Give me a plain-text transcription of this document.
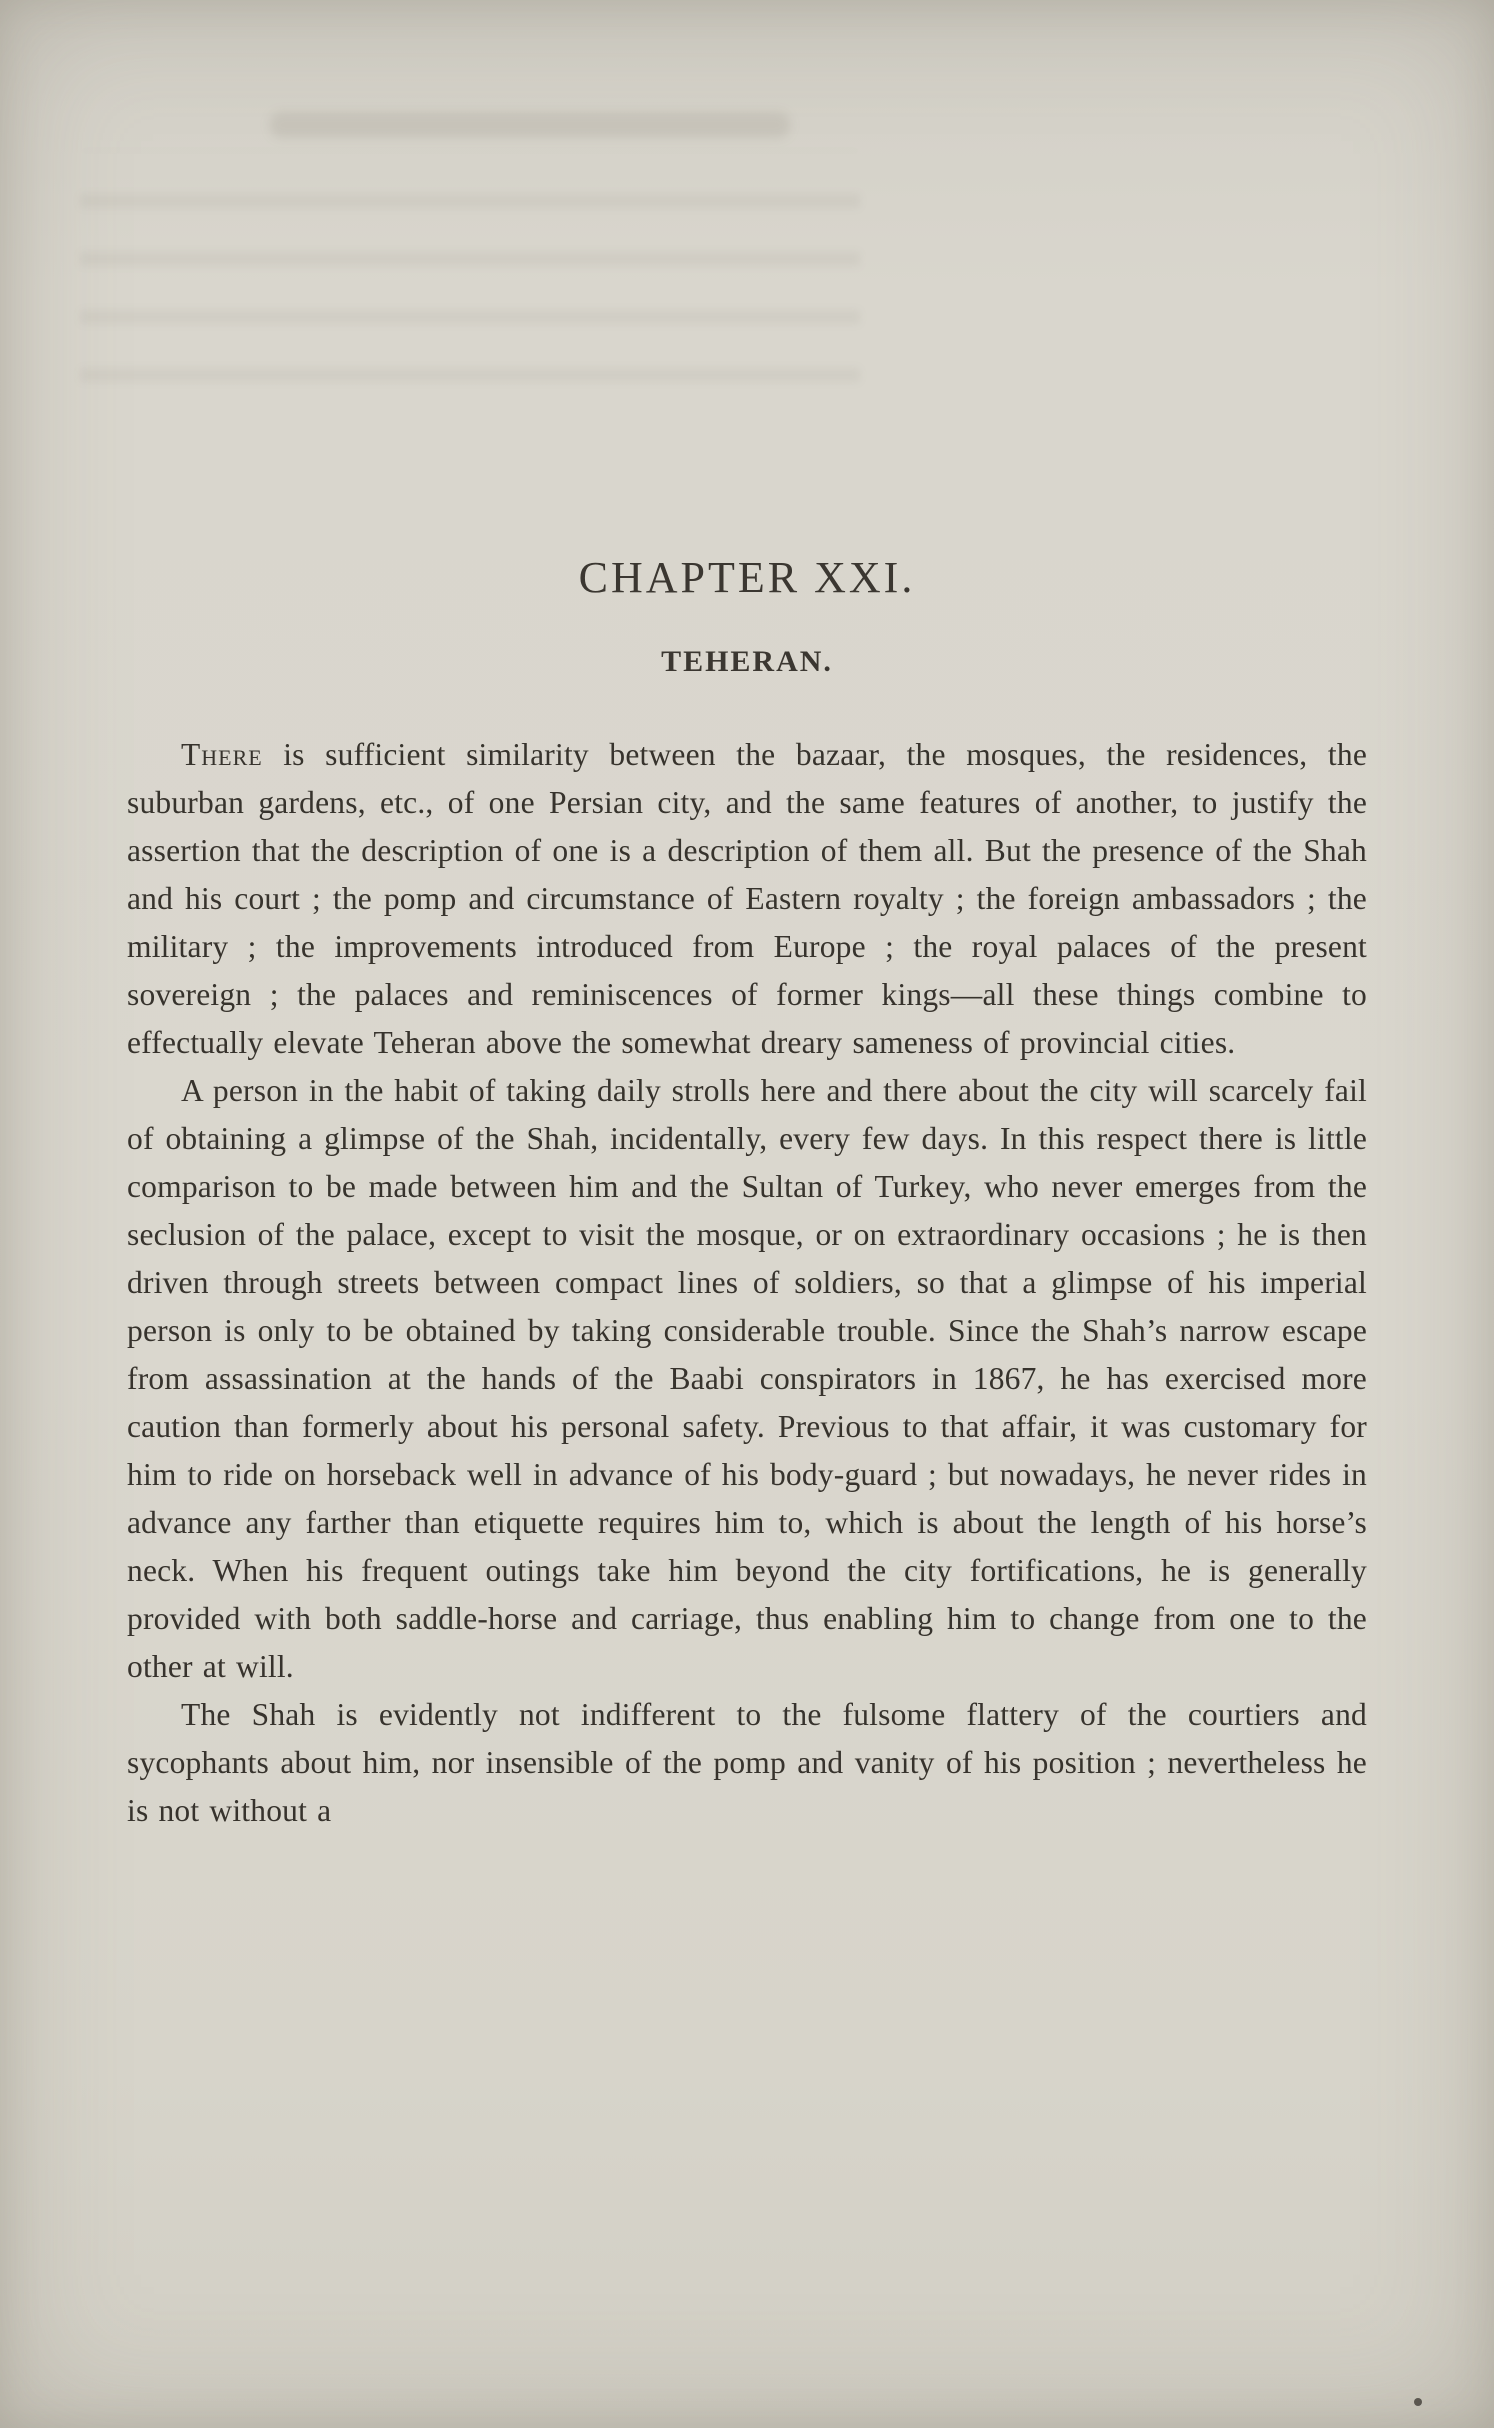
CHAPTER XXI.
TEHERAN.

There is sufficient similarity between the bazaar, the mosques, the residences, the suburban gardens, etc., of one Persian city, and the same features of another, to justify the assertion that the description of one is a description of them all. But the presence of the Shah and his court ; the pomp and circumstance of Eastern royalty ; the foreign ambassadors ; the military ; the improvements introduced from Europe ; the royal palaces of the present sovereign ; the palaces and reminiscences of former kings—all these things combine to effectually elevate Teheran above the somewhat dreary sameness of provincial cities.

A person in the habit of taking daily strolls here and there about the city will scarcely fail of obtaining a glimpse of the Shah, incidentally, every few days. In this respect there is little comparison to be made between him and the Sultan of Turkey, who never emerges from the seclusion of the palace, except to visit the mosque, or on extraordinary occasions ; he is then driven through streets between compact lines of soldiers, so that a glimpse of his imperial person is only to be obtained by taking considerable trouble. Since the Shah’s narrow escape from assassination at the hands of the Baabi conspirators in 1867, he has exercised more caution than formerly about his personal safety. Previous to that affair, it was customary for him to ride on horseback well in advance of his body-guard ; but nowadays, he never rides in advance any farther than etiquette requires him to, which is about the length of his horse’s neck. When his frequent outings take him beyond the city fortifications, he is generally provided with both saddle-horse and carriage, thus enabling him to change from one to the other at will.

The Shah is evidently not indifferent to the fulsome flattery of the courtiers and sycophants about him, nor insensible of the pomp and vanity of his position ; nevertheless he is not without a
